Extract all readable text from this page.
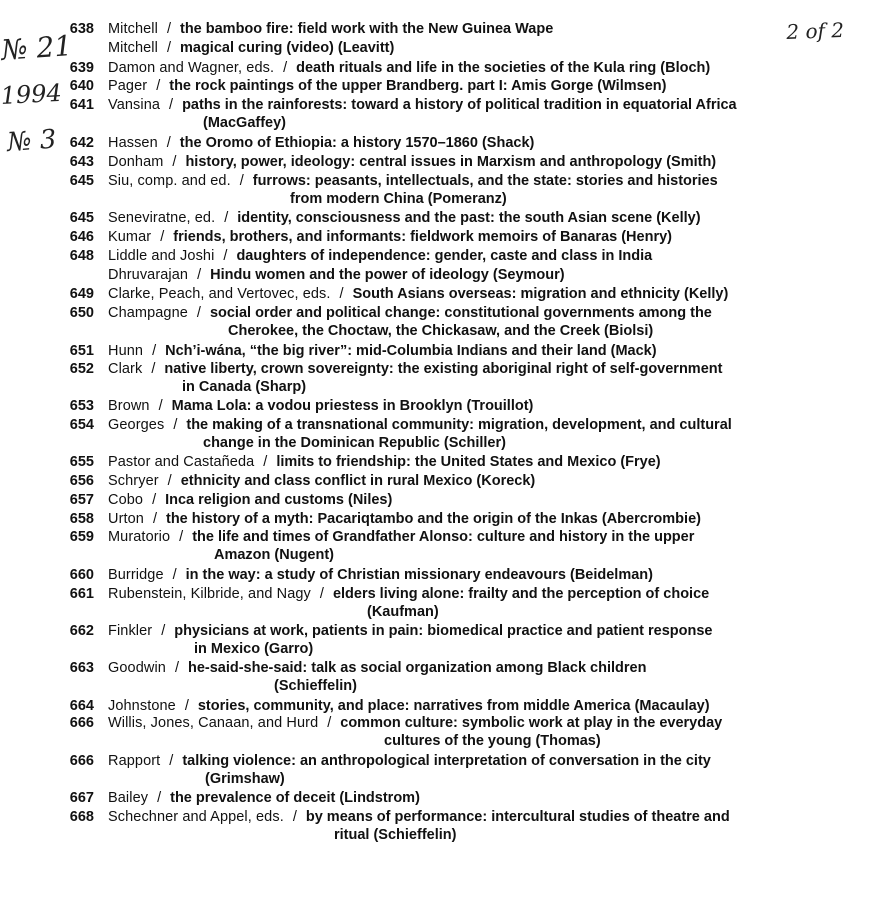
№ 21
1994
№ 3
2 of 2
638 Mitchell / the bamboo fire: field work with the New Guinea Wape
Mitchell / magical curing (video) (Leavitt)
639 Damon and Wagner, eds. / death rituals and life in the societies of the Kula ring (Bloch)
640 Pager / the rock paintings of the upper Brandberg. part I: Amis Gorge (Wilmsen)
641 Vansina / paths in the rainforests: toward a history of political tradition in equatorial Africa
(MacGaffey)
642 Hassen / the Oromo of Ethiopia: a history 1570–1860 (Shack)
643 Donham / history, power, ideology: central issues in Marxism and anthropology (Smith)
645 Siu, comp. and ed. / furrows: peasants, intellectuals, and the state: stories and histories
from modern China (Pomeranz)
645 Seneviratne, ed. / identity, consciousness and the past: the south Asian scene (Kelly)
646 Kumar / friends, brothers, and informants: fieldwork memoirs of Banaras (Henry)
648 Liddle and Joshi / daughters of independence: gender, caste and class in India
Dhruvarajan / Hindu women and the power of ideology (Seymour)
649 Clarke, Peach, and Vertovec, eds. / South Asians overseas: migration and ethnicity (Kelly)
650 Champagne / social order and political change: constitutional governments among the
Cherokee, the Choctaw, the Chickasaw, and the Creek (Biolsi)
651 Hunn / Nch’i-wána, “the big river”: mid-Columbia Indians and their land (Mack)
652 Clark / native liberty, crown sovereignty: the existing aboriginal right of self-government
in Canada (Sharp)
653 Brown / Mama Lola: a vodou priestess in Brooklyn (Trouillot)
654 Georges / the making of a transnational community: migration, development, and cultural
change in the Dominican Republic (Schiller)
655 Pastor and Castañeda / limits to friendship: the United States and Mexico (Frye)
656 Schryer / ethnicity and class conflict in rural Mexico (Koreck)
657 Cobo / Inca religion and customs (Niles)
658 Urton / the history of a myth: Pacariqtambo and the origin of the Inkas (Abercrombie)
659 Muratorio / the life and times of Grandfather Alonso: culture and history in the upper
Amazon (Nugent)
660 Burridge / in the way: a study of Christian missionary endeavours (Beidelman)
661 Rubenstein, Kilbride, and Nagy / elders living alone: frailty and the perception of choice
(Kaufman)
662 Finkler / physicians at work, patients in pain: biomedical practice and patient response
in Mexico (Garro)
663 Goodwin / he-said-she-said: talk as social organization among Black children
(Schieffelin)
664 Johnstone / stories, community, and place: narratives from middle America (Macaulay)
666 Willis, Jones, Canaan, and Hurd / common culture: symbolic work at play in the everyday
cultures of the young (Thomas)
666 Rapport / talking violence: an anthropological interpretation of conversation in the city
(Grimshaw)
667 Bailey / the prevalence of deceit (Lindstrom)
668 Schechner and Appel, eds. / by means of performance: intercultural studies of theatre and
ritual (Schieffelin)
